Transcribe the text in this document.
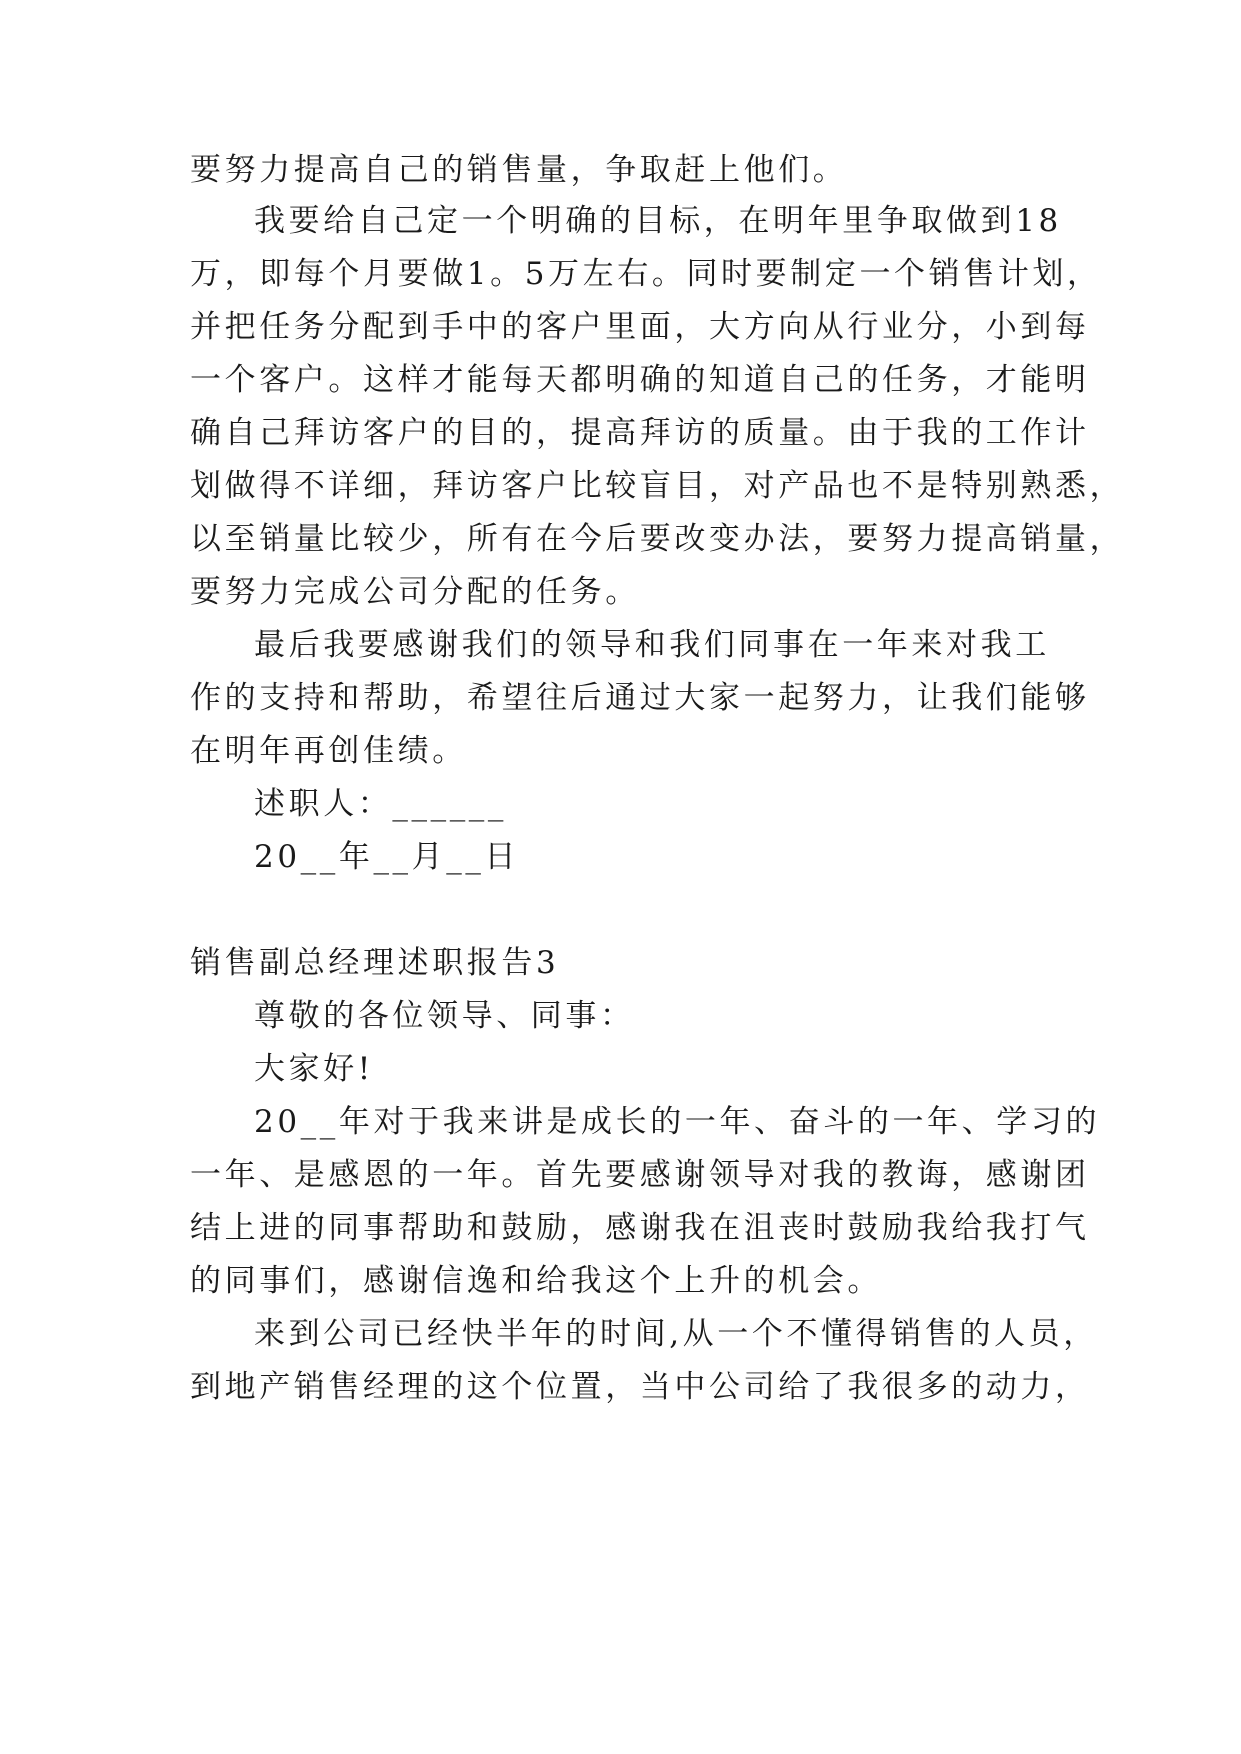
要努力提高自己的销售量，争取赶上他们。
我要给自己定一个明确的目标，在明年里争取做到18
万，即每个月要做1。5万左右。同时要制定一个销售计划，
并把任务分配到手中的客户里面，大方向从行业分，小到每
一个客户。这样才能每天都明确的知道自己的任务，才能明
确自己拜访客户的目的，提高拜访的质量。由于我的工作计
划做得不详细，拜访客户比较盲目，对产品也不是特别熟悉，
以至销量比较少，所有在今后要改变办法，要努力提高销量，
要努力完成公司分配的任务。
最后我要感谢我们的领导和我们同事在一年来对我工
作的支持和帮助，希望往后通过大家一起努力，让我们能够
在明年再创佳绩。
述职人：______
20__年__月__日
销售副总经理述职报告3
尊敬的各位领导、同事：
大家好!
20__年对于我来讲是成长的一年、奋斗的一年、学习的
一年、是感恩的一年。首先要感谢领导对我的教诲，感谢团
结上进的同事帮助和鼓励，感谢我在沮丧时鼓励我给我打气
的同事们，感谢信逸和给我这个上升的机会。
来到公司已经快半年的时间,从一个不懂得销售的人员，
到地产销售经理的这个位置，当中公司给了我很多的动力，
